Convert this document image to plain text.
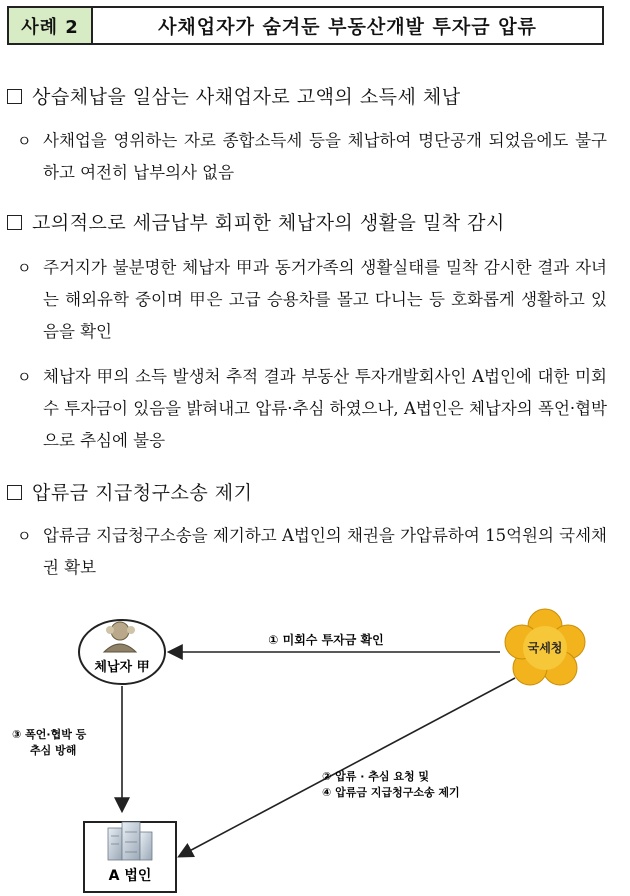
사례 2	사채업자가 숨겨둔 부동산개발 투자금 압류
상습체납을 일삼는 사채업자로 고액의 소득세 체납
ㅇ 사채업을 영위하는 자로 종합소득세 등을 체납하여 명단공개 되었음에도 불구하고 여전히 납부의사 없음
고의적으로 세금납부 회피한 체납자의 생활을 밀착 감시
ㅇ 주거지가 불분명한 체납자 甲과 동거가족의 생활실태를 밀착 감시한 결과 자녀는 해외유학 중이며 甲은 고급 승용차를 몰고 다니는 등 호화롭게 생활하고 있음을 확인
ㅇ 체납자 甲의 소득 발생처 추적 결과 부동산 투자개발회사인 A법인에 대한 미회수 투자금이 있음을 밝혀내고 압류·추심 하였으나, A법인은 체납자의 폭언·협박으로 추심에 불응
압류금 지급청구소송 제기
ㅇ 압류금 지급청구소송을 제기하고 A법인의 채권을 가압류하여 15억원의 국세채권 확보
체납자 甲
국세청
A 법인
① 미회수 투자금 확인
③ 폭언·협박 등
추심 방해
② 압류 · 추심 요청 및
④ 압류금 지급청구소송 제기
